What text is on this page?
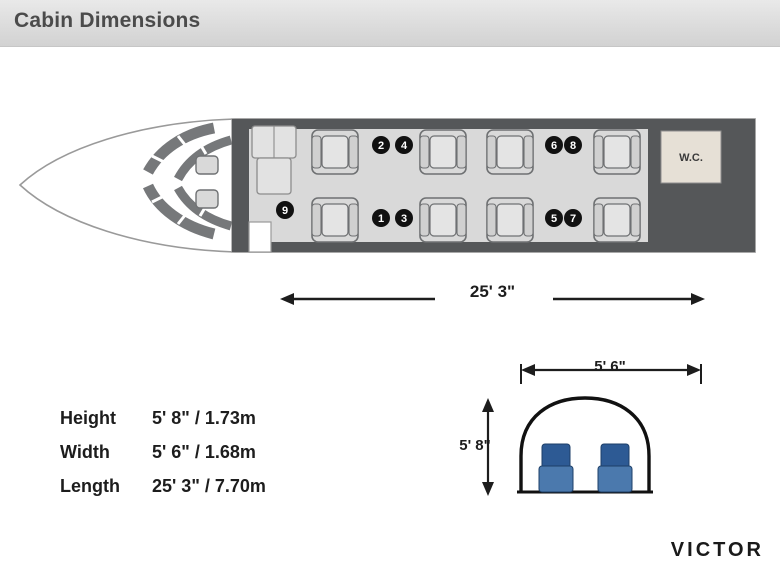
Cabin Dimensions
W.C.
2 4	6 8
9
1 3	5 7
25' 3"
5' 6"
5' 8"
Height	5' 8" / 1.73m
Width	5' 6" / 1.68m
Length	25' 3" / 7.70m
VICTOR
